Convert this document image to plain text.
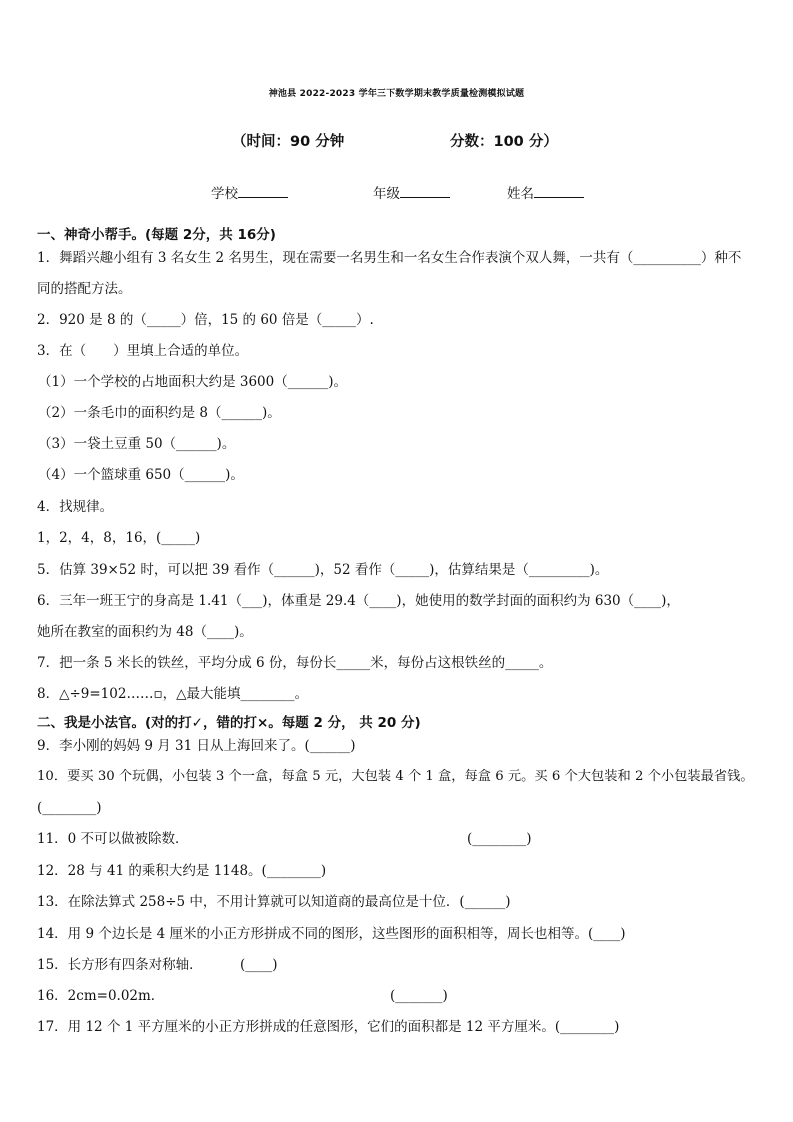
神池县 2022-2023 学年三下数学期末教学质量检测模拟试题
（时间：90 分钟	分数：100 分）
学校	年级	姓名
一、神奇小帮手。(每题 2分，共 16分)
1．舞蹈兴趣小组有 3 名女生 2 名男生，现在需要一名男生和一名女生合作表演个双人舞，一共有（__________）种不
同的搭配方法。
2．920 是 8 的（_____）倍，15 的 60 倍是（_____）.
3．在（　　）里填上合适的单位。
（1）一个学校的占地面积大约是 3600（______)。
（2）一条毛巾的面积约是 8（______)。
（3）一袋土豆重 50（______)。
（4）一个篮球重 650（______)。
4．找规律。
1，2，4，8，16，(_____)
5．估算 39×52 时，可以把 39 看作（______)，52 看作（_____)，估算结果是（_________)。
6．三年一班王宁的身高是 1.41（___)，体重是 29.4（____)，她使用的数学封面的面积约为 630（____)，
她所在教室的面积约为 48（____)。
7．把一条 5 米长的铁丝，平均分成 6 份，每份长_____米，每份占这根铁丝的_____。
8．△÷9=102……▫，△最大能填________。
二、我是小法官。(对的打✓，错的打×。每题 2 分， 共 20 分)
9．李小刚的妈妈 9 月 31 日从上海回来了。(______)
10．要买 30 个玩偶，小包装 3 个一盒，每盒 5 元，大包装 4 个 1 盒，每盒 6 元。买 6 个大包装和 2 个小包装最省钱。
(________)
11．0 不可以做被除数．	(________)
12．28 与 41 的乘积大约是 1148。(________)
13．在除法算式 258÷5 中，不用计算就可以知道商的最高位是十位．(______)
14．用 9 个边长是 4 厘米的小正方形拼成不同的图形，这些图形的面积相等，周长也相等。(____)
15．长方形有四条对称轴．	(____)
16．2cm=0.02m．	(_______)
17．用 12 个 1 平方厘米的小正方形拼成的任意图形，它们的面积都是 12 平方厘米。(________)
